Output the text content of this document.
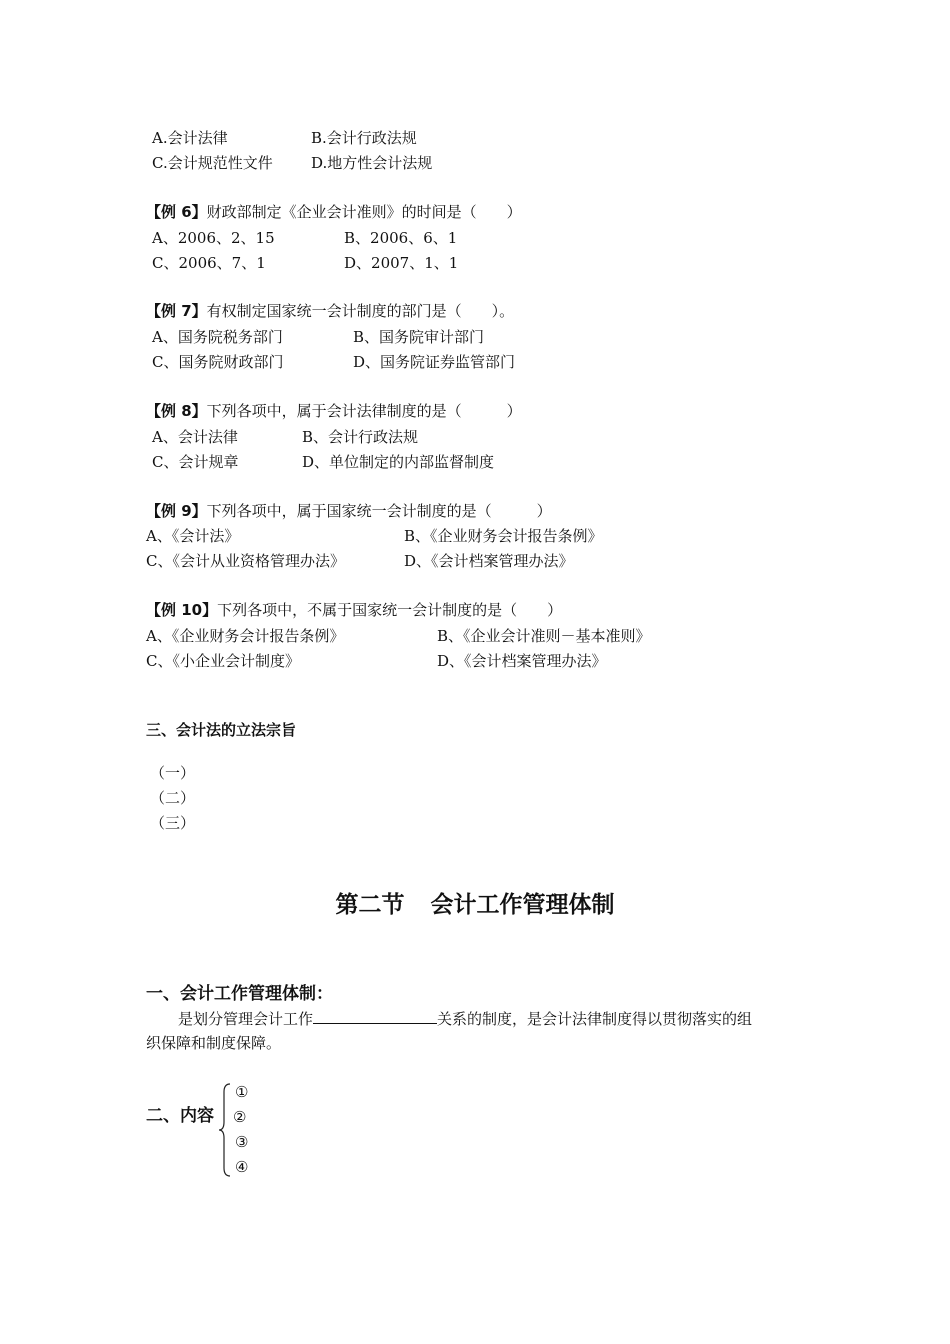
A.会计法律	B.会计行政法规
C.会计规范性文件	D.地方性会计法规
【例 6】财政部制定《企业会计准则》的时间是（　　）
A、2006、2、15	B、2006、6、1
C、2006、7、1	D、2007、1、1
【例 7】有权制定国家统一会计制度的部门是（　　）。
A、国务院税务部门	B、国务院审计部门
C、国务院财政部门	D、国务院证券监管部门
【例 8】下列各项中，属于会计法律制度的是（　　　）
A、会计法律	B、会计行政法规
C、会计规章	D、单位制定的内部监督制度
【例 9】下列各项中，属于国家统一会计制度的是（　　　）
A、《会计法》	B、《企业财务会计报告条例》
C、《会计从业资格管理办法》	D、《会计档案管理办法》
【例 10】下列各项中，不属于国家统一会计制度的是（　　）
A、《企业财务会计报告条例》	B、《企业会计准则－基本准则》
C、《小企业会计制度》	D、《会计档案管理办法》
三、会计法的立法宗旨
（一）
（二）
（三）
第二节 会计工作管理体制
一、会计工作管理体制：
是划分管理会计工作	关系的制度，是会计法律制度得以贯彻落实的组
织保障和制度保障。
二、内容
①
②
③
④
